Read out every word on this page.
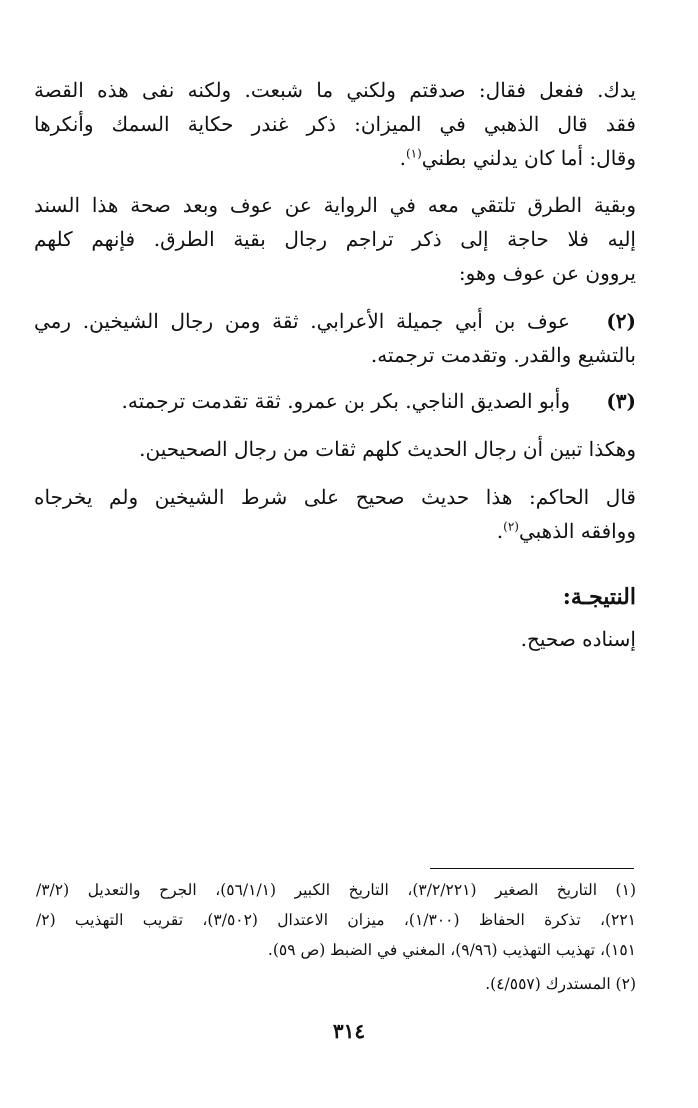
يدك. ففعل فقال: صدقتم ولكني ما شبعت. ولكنه نفى هذه القصة

فقد قال الذهبي في الميزان: ذكر غندر حكاية السمك وأنكرها

وقال: أما كان يدلني بطني$^{(١)}$.

وبقية الطرق تلتقي معه في الرواية عن عوف وبعد صحة هذا السند

إليه فلا حاجة إلى ذكر تراجم رجال بقية الطرق. فإنهم كلهم

يروون عن عوف وهو:

(٢)

عوف بن أبي جميلة الأعرابي. ثقة ومن رجال الشيخين. رمي

بالتشيع والقدر. وتقدمت ترجمته.

(٣)

وأبو الصديق الناجي. بكر بن عمرو. ثقة تقدمت ترجمته.

وهكذا تبين أن رجال الحديث كلهم ثقات من رجال الصحيحين.

قال الحاكم: هذا حديث صحيح على شرط الشيخين ولم يخرجاه

ووافقه الذهبي$^{(٢)}$.

النتيجـة:

إسناده صحيح.

(١) التاريخ الصغير (٣/٢/٢٢١)، التاريخ الكبير (٥٦/١/١)، الجرح والتعديل (٣/٢/

٢٢١)، تذكرة الحفاظ (١/٣٠٠)، ميزان الاعتدال (٣/٥٠٢)، تقريب التهذيب (٢/

١٥١)، تهذيب التهذيب (٩/٩٦)، المغني في الضبط (ص ٥٩).

(٢) المستدرك (٤/٥٥٧).

٣١٤
